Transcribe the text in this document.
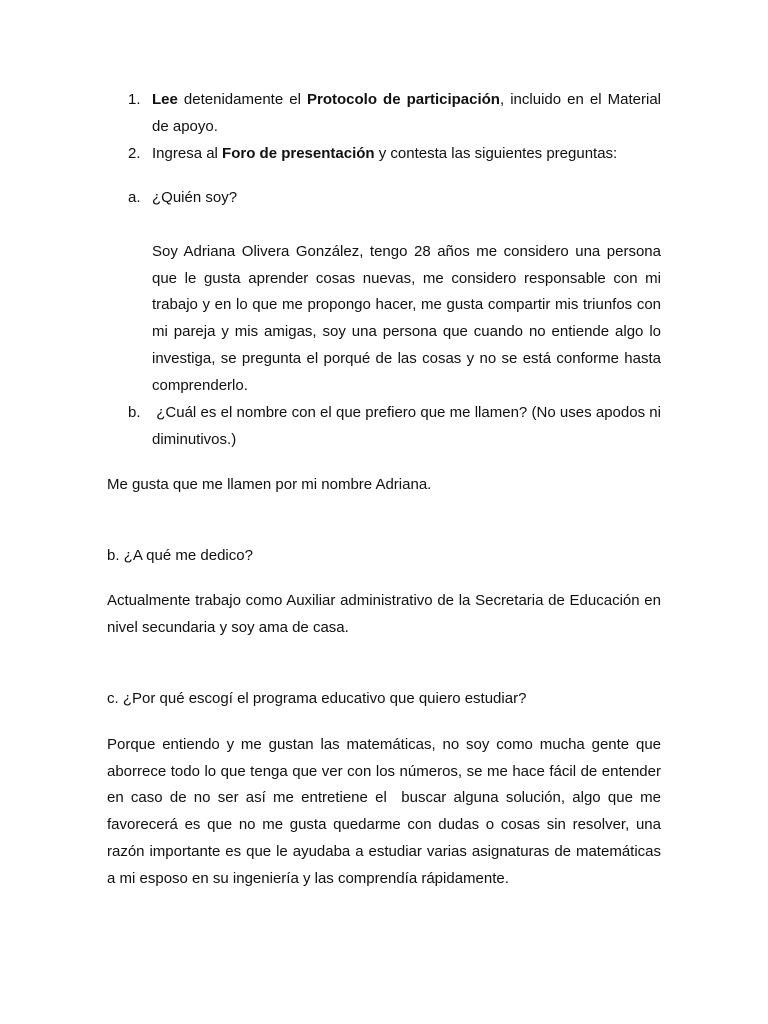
1. Lee detenidamente el Protocolo de participación, incluido en el Material de apoyo.
2. Ingresa al Foro de presentación y contesta las siguientes preguntas:
a. ¿Quién soy?
Soy Adriana Olivera González, tengo 28 años me considero una persona que le gusta aprender cosas nuevas, me considero responsable con mi trabajo y en lo que me propongo hacer, me gusta compartir mis triunfos con mi pareja y mis amigas, soy una persona que cuando no entiende algo lo investiga, se pregunta el porqué de las cosas y no se está conforme hasta comprenderlo.
b. ¿Cuál es el nombre con el que prefiero que me llamen? (No uses apodos ni diminutivos.)
Me gusta que me llamen por mi nombre Adriana.
b. ¿A qué me dedico?
Actualmente trabajo como Auxiliar administrativo de la Secretaria de Educación en nivel secundaria y soy ama de casa.
c. ¿Por qué escogí el programa educativo que quiero estudiar?
Porque entiendo y me gustan las matemáticas, no soy como mucha gente que aborrece todo lo que tenga que ver con los números, se me hace fácil de entender en caso de no ser así me entretiene el  buscar alguna solución, algo que me favorecerá es que no me gusta quedarme con dudas o cosas sin resolver, una razón importante es que le ayudaba a estudiar varias asignaturas de matemáticas a mi esposo en su ingeniería y las comprendía rápidamente.
